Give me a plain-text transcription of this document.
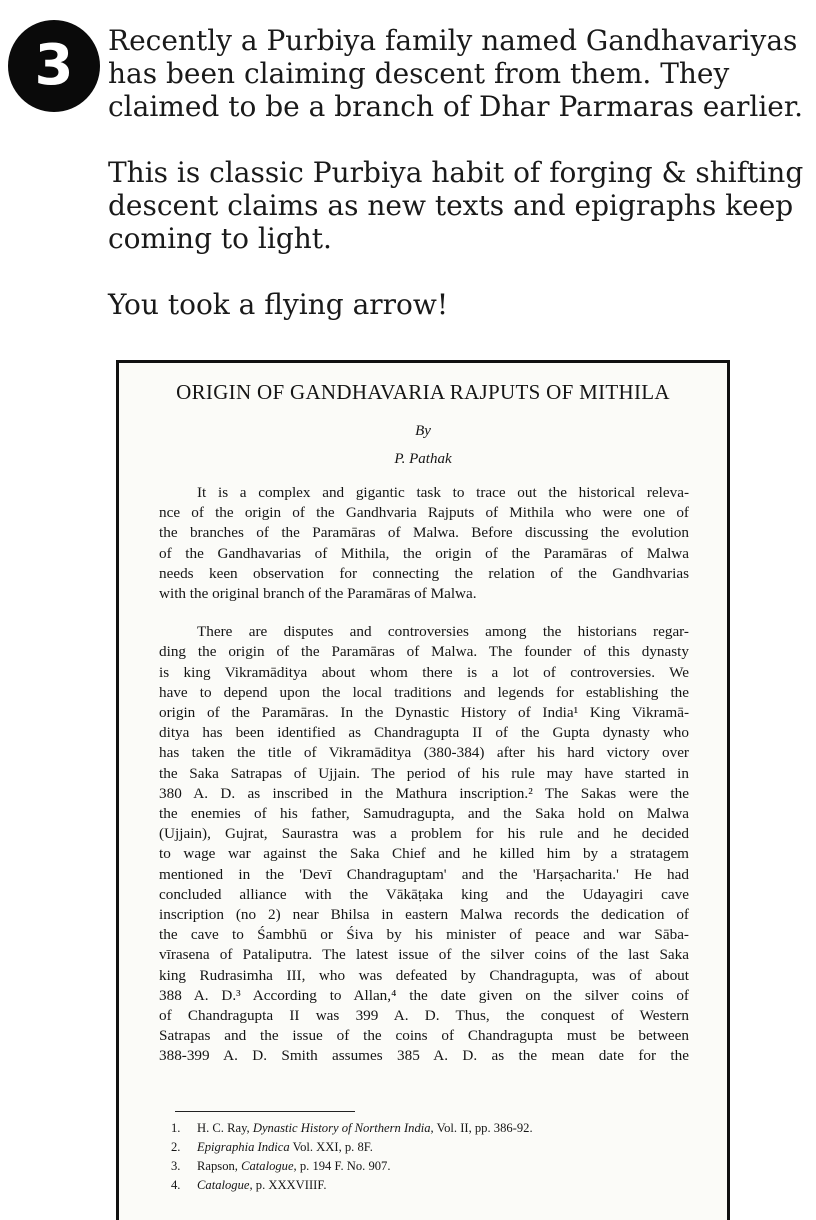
3 Recently a Purbiya family named Gandhavariyas
has been claiming descent from them. They
claimed to be a branch of Dhar Parmaras earlier.

This is classic Purbiya habit of forging & shifting
descent claims as new texts and epigraphs keep
coming to light.

You took a flying arrow!

ORIGIN OF GANDHAVARIA RAJPUTS OF MITHILA
By
P. Pathak
It is a complex and gigantic task to trace out the historical releva-
nce of the origin of the Gandhvaria Rajputs of Mithila who were one of
the branches of the Paramāras of Malwa. Before discussing the evolution
of the Gandhavarias of Mithila, the origin of the Paramāras of Malwa
needs keen observation for connecting the relation of the Gandhvarias
with the original branch of the Paramāras of Malwa.
There are disputes and controversies among the historians regar-
ding the origin of the Paramāras of Malwa. The founder of this dynasty
is king Vikramāditya about whom there is a lot of controversies. We
have to depend upon the local traditions and legends for establishing the
origin of the Paramāras. In the Dynastic History of India¹ King Vikramā-
ditya has been identified as Chandragupta II of the Gupta dynasty who
has taken the title of Vikramāditya (380-384) after his hard victory over
the Saka Satrapas of Ujjain. The period of his rule may have started in
380 A. D. as inscribed in the Mathura inscription.² The Sakas were the
the enemies of his father, Samudragupta, and the Saka hold on Malwa
(Ujjain), Gujrat, Saurastra was a problem for his rule and he decided
to wage war against the Saka Chief and he killed him by a stratagem
mentioned in the 'Devī Chandraguptam' and the 'Harṣacharita.' He had
concluded alliance with the Vākāṭaka king and the Udayagiri cave
inscription (no 2) near Bhilsa in eastern Malwa records the dedication of
the cave to Śambhū or Śiva by his minister of peace and war Sāba-
vīrasena of Pataliputra. The latest issue of the silver coins of the last Saka
king Rudrasimha III, who was defeated by Chandragupta, was of about
388 A. D.³ According to Allan,⁴ the date given on the silver coins of
of Chandragupta II was 399 A. D. Thus, the conquest of Western
Satrapas and the issue of the coins of Chandragupta must be between
388-399 A. D. Smith assumes 385 A. D. as the mean date for the
1. H. C. Ray, Dynastic History of Northern India, Vol. II, pp. 386-92.
2. Epigraphia Indica Vol. XXI, p. 8F.
3. Rapson, Catalogue, p. 194 F. No. 907.
4. Catalogue, p. XXXVIIIF.
